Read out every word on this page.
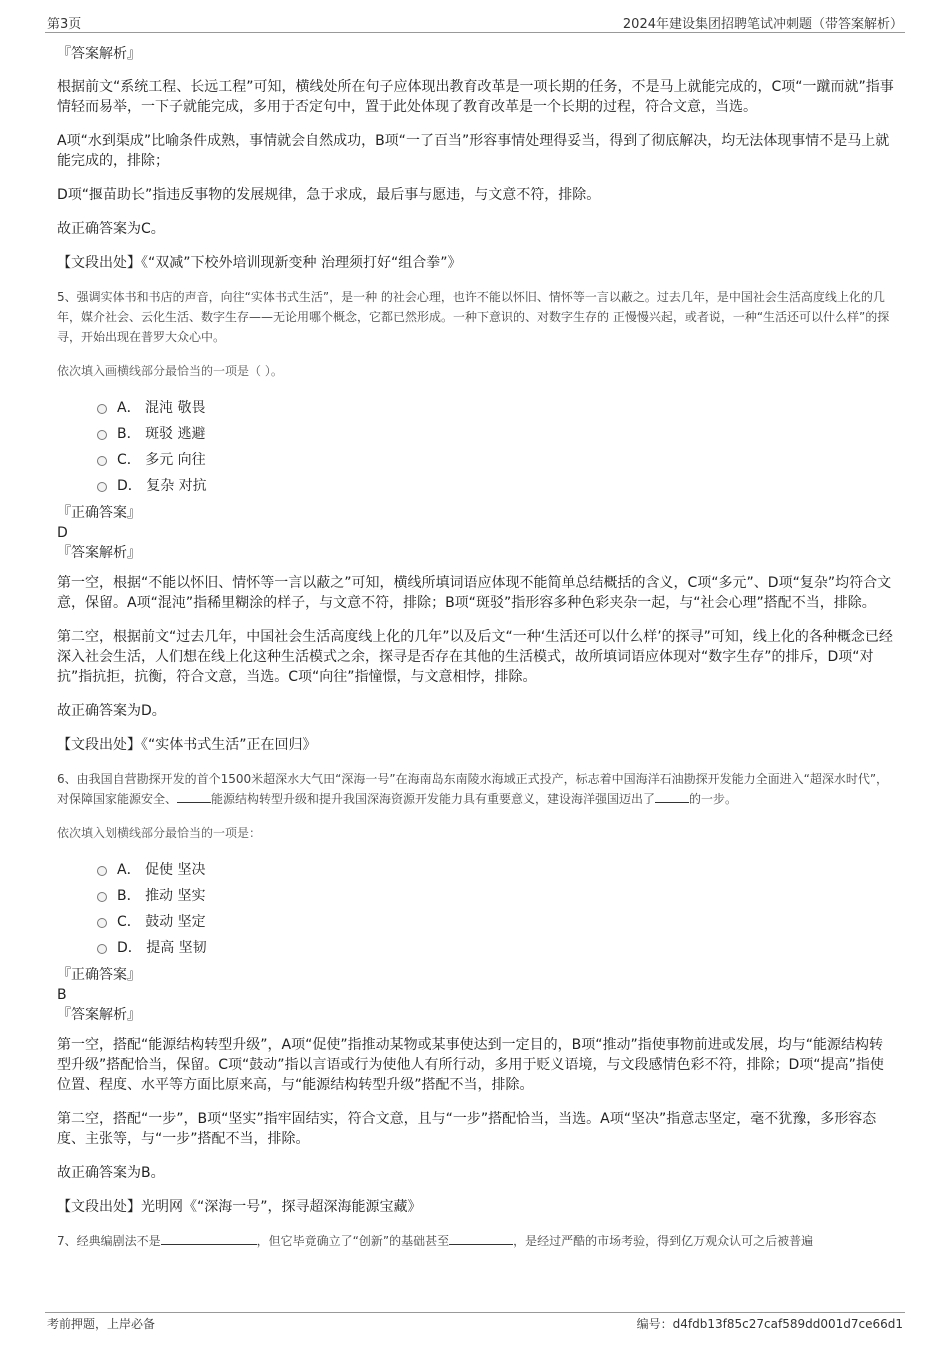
第3页	2024年建设集团招聘笔试冲刺题（带答案解析）
『答案解析』

根据前文“系统工程、长远工程”可知，横线处所在句子应体现出教育改革是一项长期的任务，不是马上就能完成的，C项“一蹴而就”指事情轻而易举，一下子就能完成，多用于否定句中，置于此处体现了教育改革是一个长期的过程，符合文意，当选。

A项“水到渠成”比喻条件成熟，事情就会自然成功，B项“一了百当”形容事情处理得妥当，得到了彻底解决，均无法体现事情不是马上就能完成的，排除；

D项“揠苗助长”指违反事物的发展规律，急于求成，最后事与愿违，与文意不符，排除。

故正确答案为C。
【文段出处】《“双减”下校外培训现新变种 治理须打好“组合拳”》

5、强调实体书和书店的声音，向往“实体书式生活”，是一种 的社会心理，也许不能以怀旧、情怀等一言以蔽之。过去几年，是中国社会生活高度线上化的几年，媒介社会、云化生活、数字生存——无论用哪个概念，它都已然形成。一种下意识的、对数字生存的 正慢慢兴起，或者说，一种“生活还可以什么样”的探寻，开始出现在普罗大众心中。

依次填入画横线部分最恰当的一项是（ ）。
A． 混沌 敬畏
B． 斑驳 逃避
C． 多元 向往
D． 复杂 对抗
『正确答案』
D
『答案解析』

第一空，根据“不能以怀旧、情怀等一言以蔽之”可知，横线所填词语应体现不能简单总结概括的含义，C项“多元”、D项“复杂”均符合文意，保留。A项“混沌”指稀里糊涂的样子，与文意不符，排除；B项“斑驳”指形容多种色彩夹杂一起，与“社会心理”搭配不当，排除。

第二空，根据前文“过去几年，中国社会生活高度线上化的几年”以及后文“一种‘生活还可以什么样’的探寻”可知，线上化的各种概念已经深入社会生活，人们想在线上化这种生活模式之余，探寻是否存在其他的生活模式，故所填词语应体现对“数字生存”的排斥，D项“对抗”指抗拒，抗衡，符合文意，当选。C项“向往”指憧憬，与文意相悖，排除。

故正确答案为D。
【文段出处】《“实体书式生活”正在回归》

6、由我国自营勘探开发的首个1500米超深水大气田“深海一号”在海南岛东南陵水海域正式投产，标志着中国海洋石油勘探开发能力全面进入“超深水时代”，对保障国家能源安全、	能源结构转型升级和提升我国深海资源开发能力具有重要意义，建设海洋强国迈出了	的一步。

依次填入划横线部分最恰当的一项是：
A． 促使 坚决
B． 推动 坚实
C． 鼓动 坚定
D． 提高 坚韧
『正确答案』
B
『答案解析』

第一空，搭配“能源结构转型升级”，A项“促使”指推动某物或某事使达到一定目的，B项“推动”指使事物前进或发展，均与“能源结构转型升级”搭配恰当，保留。C项“鼓动”指以言语或行为使他人有所行动，多用于贬义语境，与文段感情色彩不符，排除；D项“提高”指使位置、程度、水平等方面比原来高，与“能源结构转型升级”搭配不当，排除。

第二空，搭配“一步”，B项“坚实”指牢固结实，符合文意，且与“一步”搭配恰当，当选。A项“坚决”指意志坚定，毫不犹豫，多形容态度、主张等，与“一步”搭配不当，排除。

故正确答案为B。
【文段出处】光明网《“深海一号”，探寻超深海能源宝藏》

7、经典编剧法不是	，但它毕竟确立了“创新”的基础甚至	，是经过严酷的市场考验，得到亿万观众认可之后被普遍

考前押题，上岸必备	编号：d4fdb13f85c27caf589dd001d7ce66d1
